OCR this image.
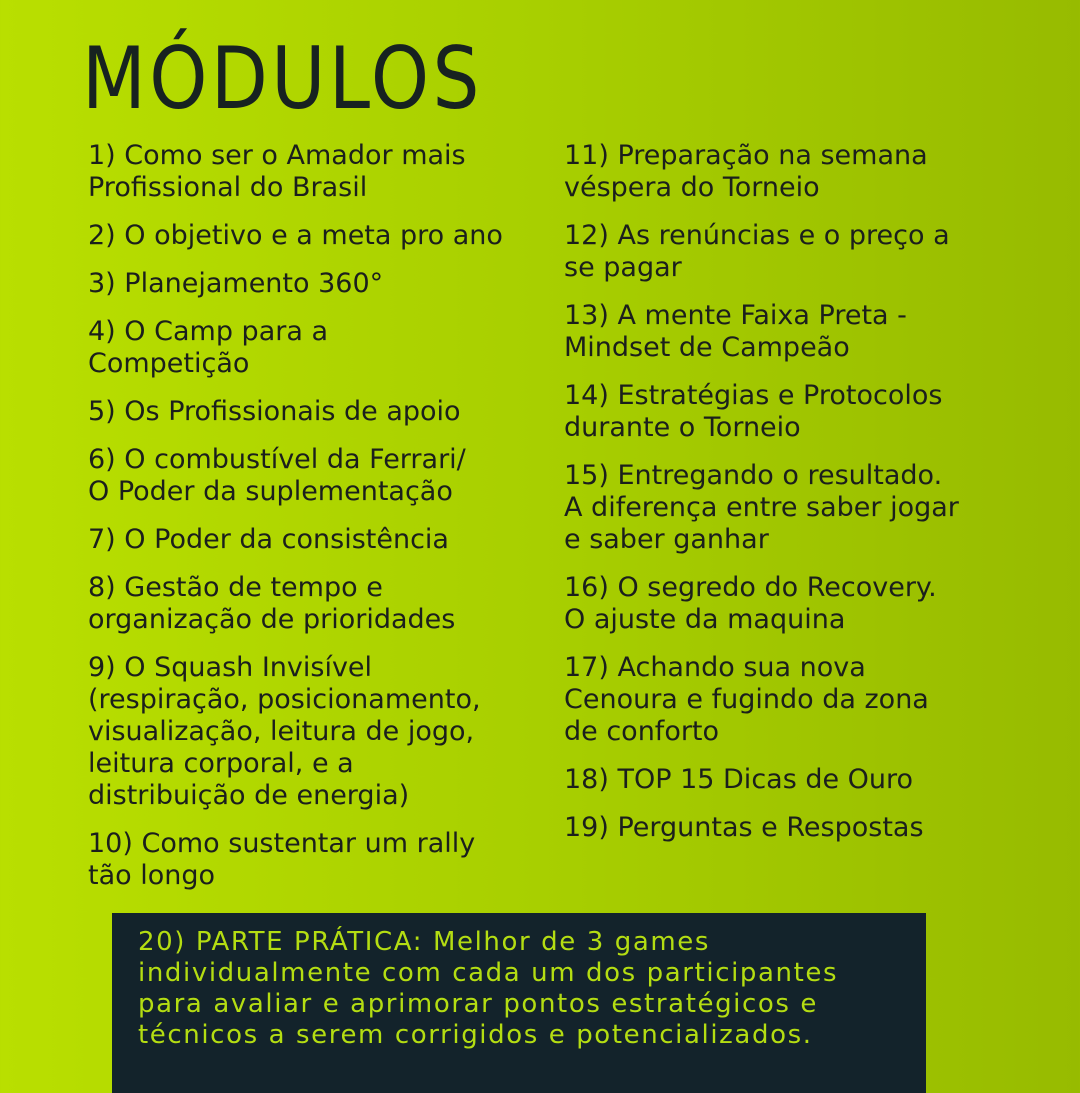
MÓDULOS
1) Como ser o Amador mais
Profissional do Brasil
2) O objetivo e a meta pro ano
3) Planejamento 360°
4) O Camp para a
Competição
5) Os Profissionais de apoio
6) O combustível da Ferrari/
O Poder da suplementação
7) O Poder da consistência
8) Gestão de tempo e
organização de prioridades
9) O Squash Invisível
(respiração, posicionamento,
visualização, leitura de jogo,
leitura corporal, e a
distribuição de energia)
10) Como sustentar um rally
tão longo
11) Preparação na semana
véspera do Torneio
12) As renúncias e o preço a
se pagar
13) A mente Faixa Preta -
Mindset de Campeão
14) Estratégias e Protocolos
durante o Torneio
15) Entregando o resultado.
A diferença entre saber jogar
e saber ganhar
16) O segredo do Recovery.
O ajuste da maquina
17) Achando sua nova
Cenoura e fugindo da zona
de conforto
18) TOP 15 Dicas de Ouro
19) Perguntas e Respostas

20) PARTE PRÁTICA: Melhor de 3 games
individualmente com cada um dos participantes
para avaliar e aprimorar pontos estratégicos e
técnicos a serem corrigidos e potencializados.
